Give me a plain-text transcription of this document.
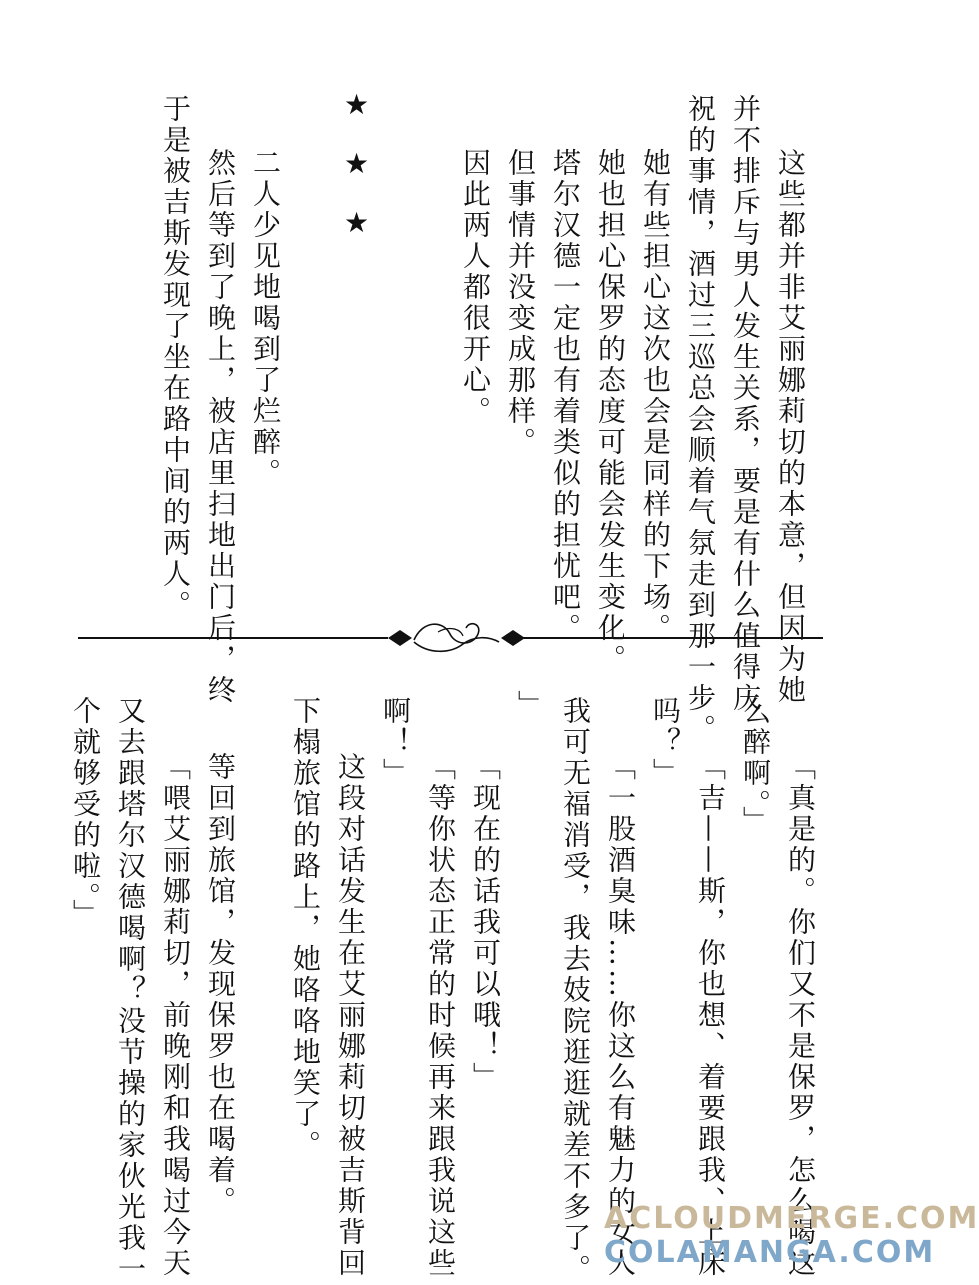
这些都并非艾丽娜莉切的本意，但因为她
并不排斥与男人发生关系，要是有什么值得庆
祝的事情，酒过三巡总会顺着气氛走到那一步。
她有些担心这次也会是同样的下场。
她也担心保罗的态度可能会发生变化。
塔尔汉德一定也有着类似的担忧吧。
但事情并没变成那样。
因此两人都很开心。
★★★
二人少见地喝到了烂醉。
然后等到了晚上，被店里扫地出门后，终
于是被吉斯发现了坐在路中间的两人。
「真是的。你们又不是保罗，怎么喝这
么醉啊。」
「吉——斯，你也想、着要跟我、上床
吗？」
「一股酒臭味……你这么有魅力的女人
我可无福消受，我去妓院逛逛就差不多了。
」
「现在的话我可以哦！」
「等你状态正常的时候再来跟我说这些
啊！」
这段对话发生在艾丽娜莉切被吉斯背回
下榻旅馆的路上，她咯咯地笑了。
等回到旅馆，发现保罗也在喝着。
「喂艾丽娜莉切，前晚刚和我喝过今天
又去跟塔尔汉德喝啊？没节操的家伙光我一
个就够受的啦。」
ACLOUDMERGE.COM
COLAMANGA.COM
